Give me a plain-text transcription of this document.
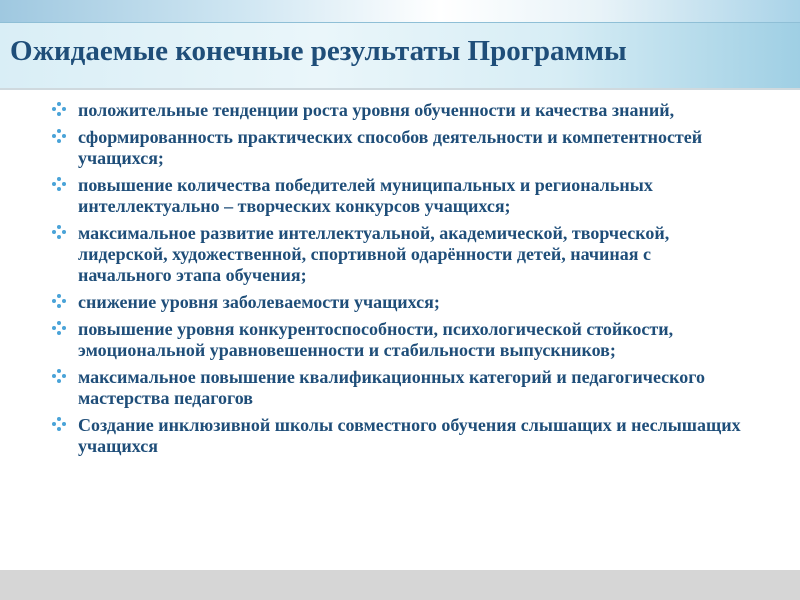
Ожидаемые конечные результаты Программы
положительные тенденции роста уровня обученности и качества знаний,
сформированность практических способов деятельности и компетентностей учащихся;
повышение количества победителей муниципальных и региональных интеллектуально – творческих конкурсов учащихся;
максимальное развитие интеллектуальной, академической, творческой, лидерской, художественной, спортивной одарённости детей, начиная с начального этапа обучения;
снижение уровня заболеваемости учащихся;
повышение уровня конкурентоспособности, психологической стойкости, эмоциональной уравновешенности и стабильности выпускников;
максимальное повышение квалификационных категорий и педагогического мастерства педагогов
Создание инклюзивной школы совместного обучения слышащих и неслышащих учащихся
